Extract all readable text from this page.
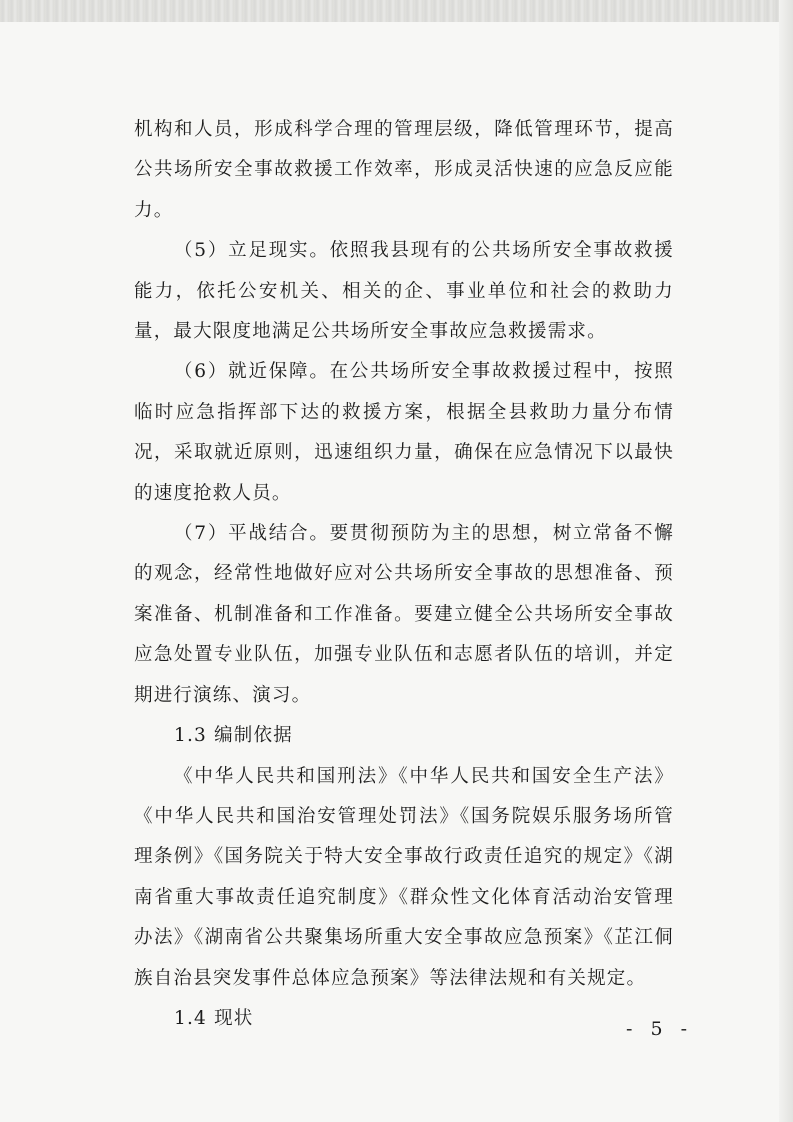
机构和人员，形成科学合理的管理层级，降低管理环节，提高公共场所安全事故救援工作效率，形成灵活快速的应急反应能力。

（5）立足现实。依照我县现有的公共场所安全事故救援能力，依托公安机关、相关的企、事业单位和社会的救助力量，最大限度地满足公共场所安全事故应急救援需求。

（6）就近保障。在公共场所安全事故救援过程中，按照临时应急指挥部下达的救援方案，根据全县救助力量分布情况，采取就近原则，迅速组织力量，确保在应急情况下以最快的速度抢救人员。

（7）平战结合。要贯彻预防为主的思想，树立常备不懈的观念，经常性地做好应对公共场所安全事故的思想准备、预案准备、机制准备和工作准备。要建立健全公共场所安全事故应急处置专业队伍，加强专业队伍和志愿者队伍的培训，并定期进行演练、演习。

1.3 编制依据

《中华人民共和国刑法》《中华人民共和国安全生产法》《中华人民共和国治安管理处罚法》《国务院娱乐服务场所管理条例》《国务院关于特大安全事故行政责任追究的规定》《湖南省重大事故责任追究制度》《群众性文化体育活动治安管理办法》《湖南省公共聚集场所重大安全事故应急预案》《芷江侗族自治县突发事件总体应急预案》等法律法规和有关规定。

1.4 现状	- 5 -
